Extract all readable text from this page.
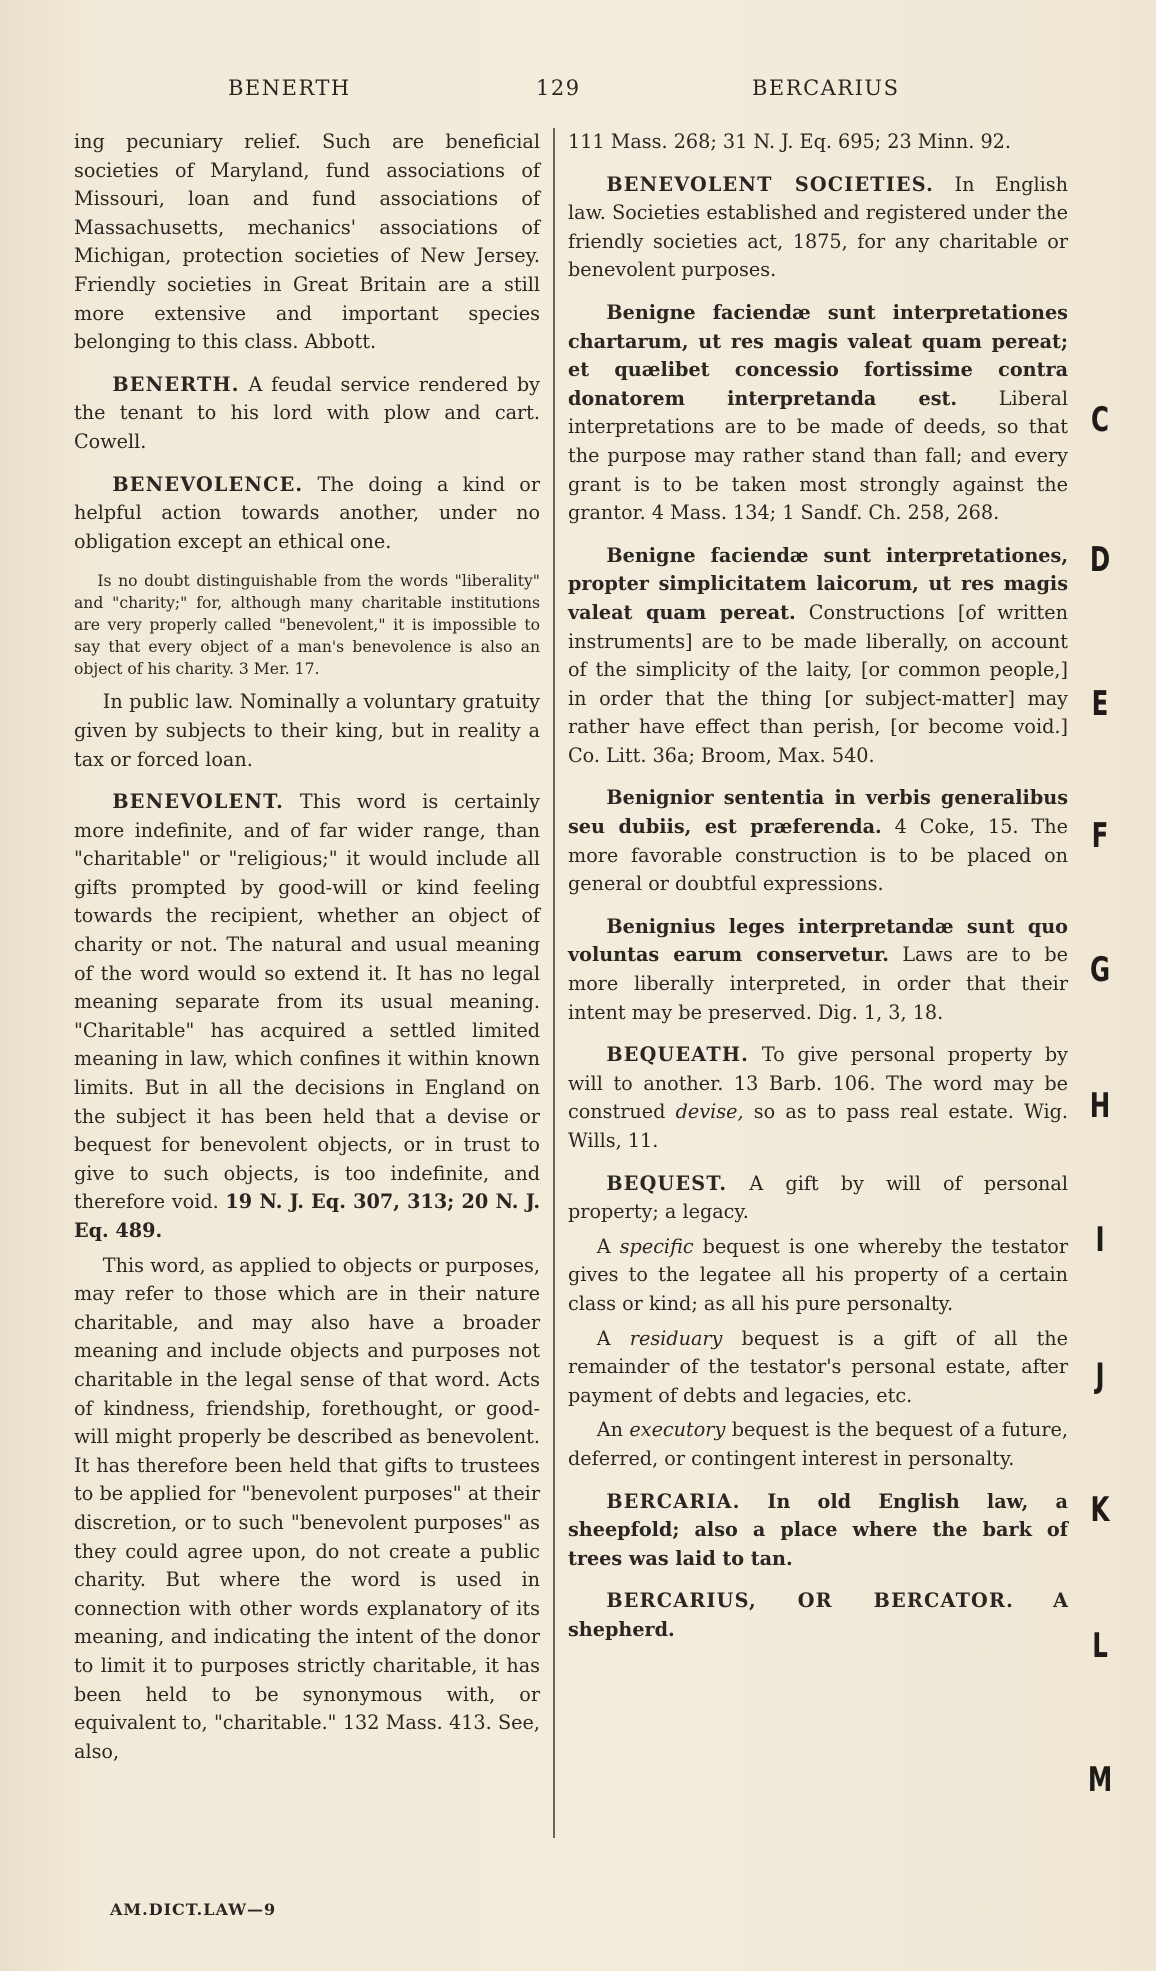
BENERTH	129	BERCARIUS

ing pecuniary relief. Such are beneficial societies of Maryland, fund associations of Missouri, loan and fund associations of Massachusetts, mechanics' associations of Michigan, protection societies of New Jersey. Friendly societies in Great Britain are a still more extensive and important species belonging to this class. Abbott.

BENERTH. A feudal service rendered by the tenant to his lord with plow and cart. Cowell.

BENEVOLENCE. The doing a kind or helpful action towards another, under no obligation except an ethical one.

Is no doubt distinguishable from the words "liberality" and "charity;" for, although many charitable institutions are very properly called "benevolent," it is impossible to say that every object of a man's benevolence is also an object of his charity. 3 Mer. 17.

In public law. Nominally a voluntary gratuity given by subjects to their king, but in reality a tax or forced loan.

BENEVOLENT. This word is certainly more indefinite, and of far wider range, than "charitable" or "religious;" it would include all gifts prompted by good-will or kind feeling towards the recipient, whether an object of charity or not. The natural and usual meaning of the word would so extend it. It has no legal meaning separate from its usual meaning. "Charitable" has acquired a settled limited meaning in law, which confines it within known limits. But in all the decisions in England on the subject it has been held that a devise or bequest for benevolent objects, or in trust to give to such objects, is too indefinite, and therefore void. 19 N. J. Eq. 307, 313; 20 N. J. Eq. 489.

This word, as applied to objects or purposes, may refer to those which are in their nature charitable, and may also have a broader meaning and include objects and purposes not charitable in the legal sense of that word. Acts of kindness, friendship, forethought, or good-will might properly be described as benevolent. It has therefore been held that gifts to trustees to be applied for "benevolent purposes" at their discretion, or to such "benevolent purposes" as they could agree upon, do not create a public charity. But where the word is used in connection with other words explanatory of its meaning, and indicating the intent of the donor to limit it to purposes strictly charitable, it has been held to be synonymous with, or equivalent to, "charitable." 132 Mass. 413. See, also,

111 Mass. 268; 31 N. J. Eq. 695; 23 Minn. 92.

BENEVOLENT SOCIETIES. In English law. Societies established and registered under the friendly societies act, 1875, for any charitable or benevolent purposes.

Benigne faciendæ sunt interpretationes chartarum, ut res magis valeat quam pereat; et quælibet concessio fortissime contra donatorem interpretanda est. Liberal interpretations are to be made of deeds, so that the purpose may rather stand than fall; and every grant is to be taken most strongly against the grantor. 4 Mass. 134; 1 Sandf. Ch. 258, 268.

Benigne faciendæ sunt interpretationes, propter simplicitatem laicorum, ut res magis valeat quam pereat. Constructions [of written instruments] are to be made liberally, on account of the simplicity of the laity, [or common people,] in order that the thing [or subject-matter] may rather have effect than perish, [or become void.] Co. Litt. 36a; Broom, Max. 540.

Benignior sententia in verbis generalibus seu dubiis, est præferenda. 4 Coke, 15. The more favorable construction is to be placed on general or doubtful expressions.

Benignius leges interpretandæ sunt quo voluntas earum conservetur. Laws are to be more liberally interpreted, in order that their intent may be preserved. Dig. 1, 3, 18.

BEQUEATH. To give personal property by will to another. 13 Barb. 106. The word may be construed devise, so as to pass real estate. Wig. Wills, 11.

BEQUEST. A gift by will of personal property; a legacy.

A specific bequest is one whereby the testator gives to the legatee all his property of a certain class or kind; as all his pure personalty.

A residuary bequest is a gift of all the remainder of the testator's personal estate, after payment of debts and legacies, etc.

An executory bequest is the bequest of a future, deferred, or contingent interest in personalty.

BERCARIA. In old English law, a sheepfold; also a place where the bark of trees was laid to tan.

BERCARIUS, OR BERCATOR. A shepherd.

AM.DICT.LAW—9
C
D
E
F
G
H
I
J
K
L
M
